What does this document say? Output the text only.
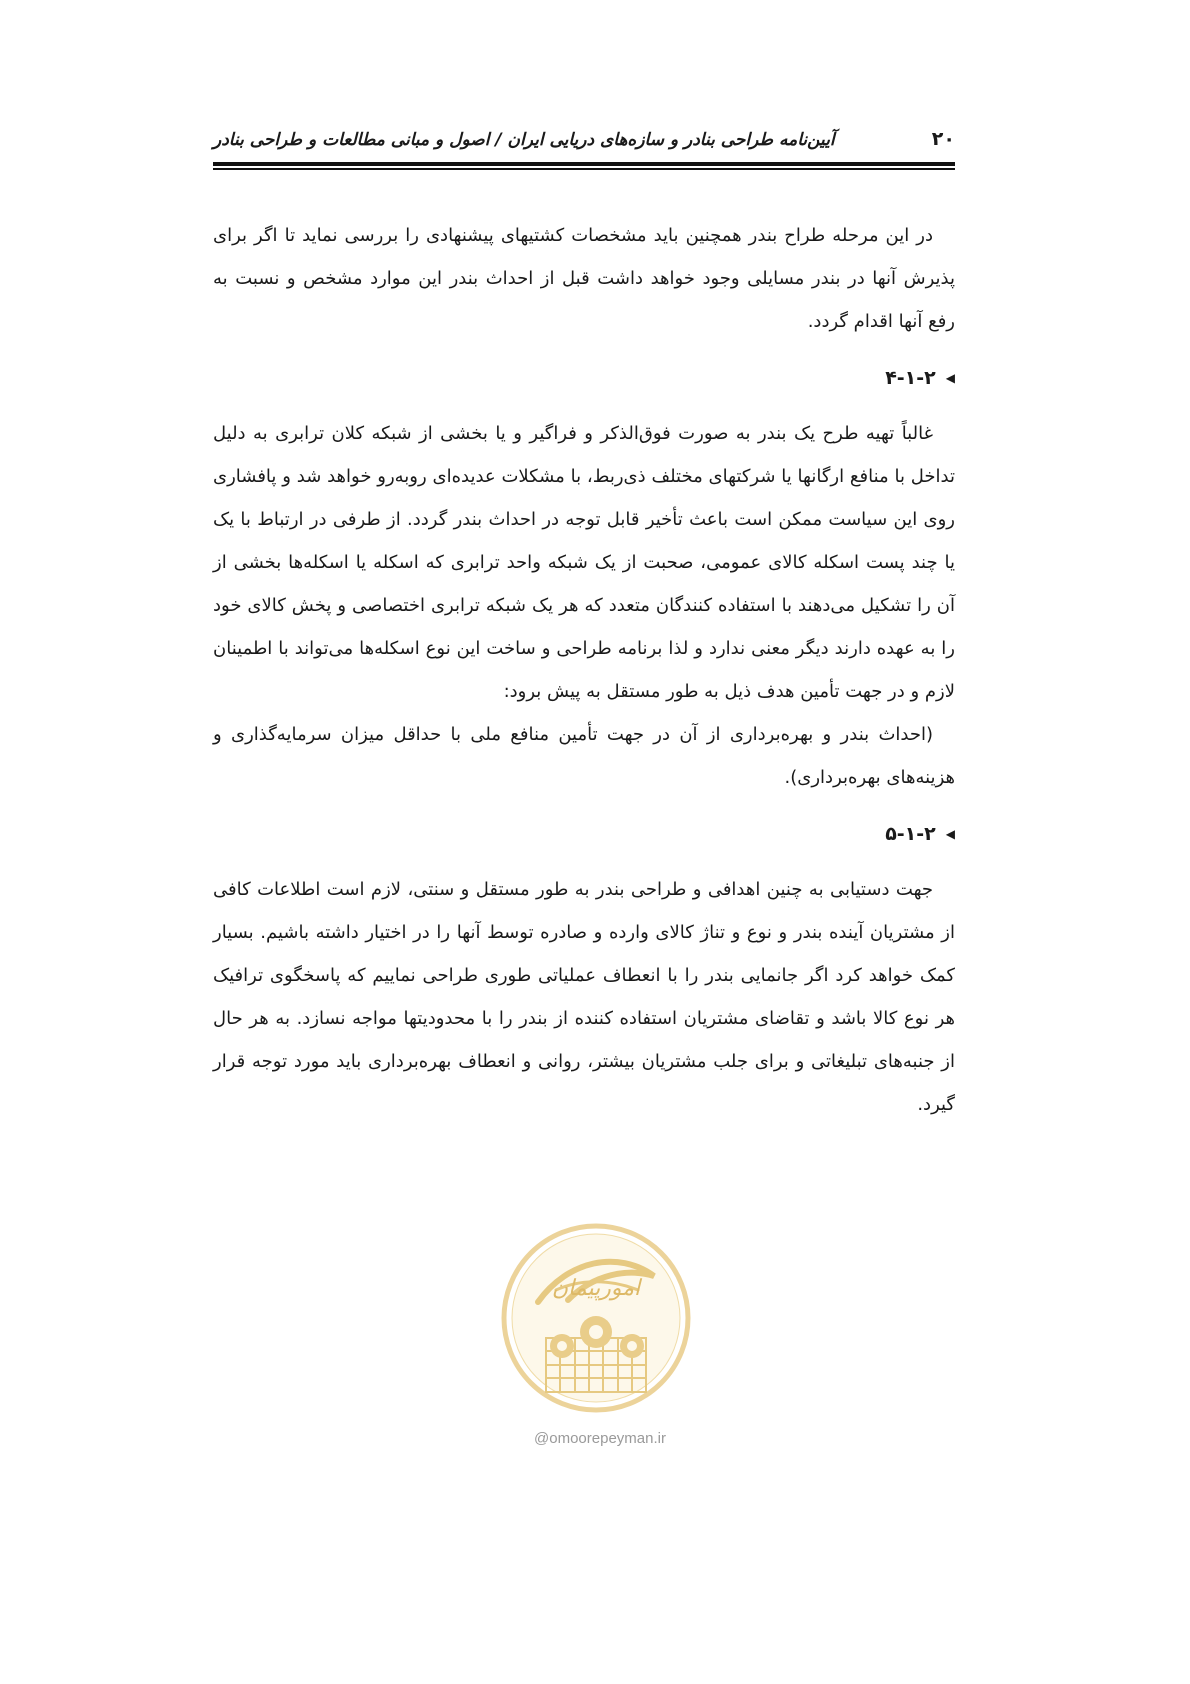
۲۰
آیین‌نامه طراحی بنادر و سازه‌های دریایی ایران / اصول و مبانی مطالعات و طراحی بنادر

در این مرحله طراح بندر همچنین باید مشخصات کشتیهای پیشنهادی را بررسی نماید تا اگر برای پذیرش آنها در بندر مسایلی وجود خواهد داشت قبل از احداث بندر این موارد مشخص و نسبت به رفع آنها اقدام گردد.

◀
۴-۱-۲

غالباً تهیه طرح یک بندر به صورت فوق‌الذکر و فراگیر و یا بخشی از شبکه کلان ترابری به دلیل تداخل با منافع ارگانها یا شرکتهای مختلف ذی‌ربط، با مشکلات عدیده‌ای روبه‌رو خواهد شد و پافشاری روی این سیاست ممکن است باعث تأخیر قابل توجه در احداث بندر گردد. از طرفی در ارتباط با یک یا چند پست اسکله کالای عمومی، صحبت از یک شبکه واحد ترابری که اسکله یا اسکله‌ها بخشی از آن را تشکیل می‌دهند با استفاده کنندگان متعدد که هر یک شبکه ترابری اختصاصی و پخش کالای خود را به عهده دارند دیگر معنی ندارد و لذا برنامه طراحی و ساخت این نوع اسکله‌ها می‌تواند با اطمینان لازم و در جهت تأمین هدف ذیل به طور مستقل به پیش برود:

(احداث بندر و بهره‌برداری از آن در جهت تأمین منافع ملی با حداقل میزان سرمایه‌گذاری و هزینه‌های بهره‌برداری).

◀
۵-۱-۲

جهت دستیابی به چنین اهدافی و طراحی بندر به طور مستقل و سنتی، لازم است اطلاعات کافی از مشتریان آینده بندر و نوع و تناژ کالای وارده و صادره توسط آنها را در اختیار داشته باشیم. بسیار کمک خواهد کرد اگر جانمایی بندر را با انعطاف عملیاتی طوری طراحی نماییم که پاسخگوی ترافیک هر نوع کالا باشد و تقاضای مشتریان استفاده کننده از بندر را با محدودیتها مواجه نسازد. به هر حال از جنبه‌های تبلیغاتی و برای جلب مشتریان بیشتر، روانی و انعطاف بهره‌برداری باید مورد توجه قرار گیرد.

امورپیمان
@omoorepeyman.ir
